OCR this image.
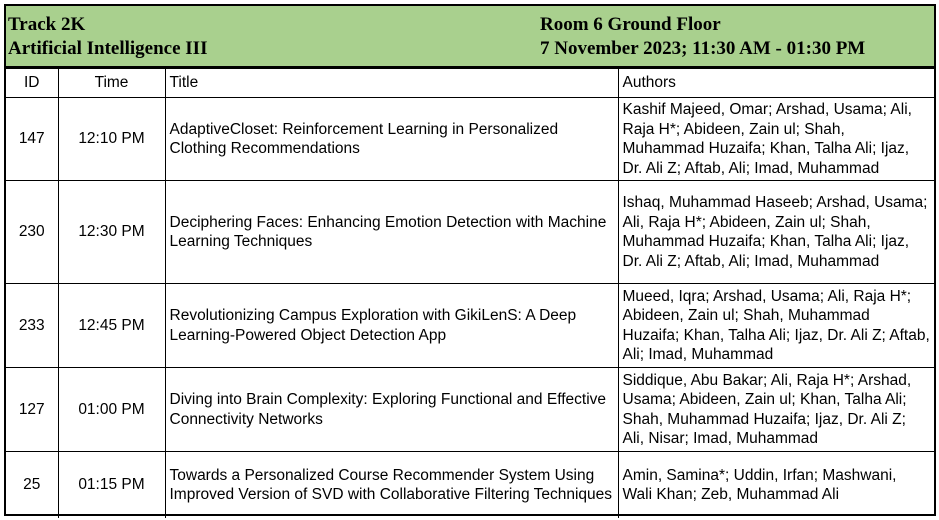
Track 2K
Artificial Intelligence III
Room 6 Ground Floor
7 November 2023; 11:30 AM - 01:30 PM
ID	Time	Title	Authors
147	12:10 PM	AdaptiveCloset: Reinforcement Learning in Personalized Clothing Recommendations	Kashif Majeed, Omar; Arshad, Usama; Ali, Raja H*; Abideen, Zain ul; Shah, Muhammad Huzaifa; Khan, Talha Ali; Ijaz, Dr. Ali Z; Aftab, Ali; Imad, Muhammad
230	12:30 PM	Deciphering Faces: Enhancing Emotion Detection with Machine Learning Techniques	Ishaq, Muhammad Haseeb; Arshad, Usama; Ali, Raja H*; Abideen, Zain ul; Shah, Muhammad Huzaifa; Khan, Talha Ali; Ijaz, Dr. Ali Z; Aftab, Ali; Imad, Muhammad
233	12:45 PM	Revolutionizing Campus Exploration with GikiLenS: A Deep Learning-Powered Object Detection App	Mueed, Iqra; Arshad, Usama; Ali, Raja H*; Abideen, Zain ul; Shah, Muhammad Huzaifa; Khan, Talha Ali; Ijaz, Dr. Ali Z; Aftab, Ali; Imad, Muhammad
127	01:00 PM	Diving into Brain Complexity: Exploring Functional and Effective Connectivity Networks	Siddique, Abu Bakar; Ali, Raja H*; Arshad, Usama; Abideen, Zain ul; Khan, Talha Ali; Shah, Muhammad Huzaifa; Ijaz, Dr. Ali Z; Ali, Nisar; Imad, Muhammad
25	01:15 PM	Towards a Personalized Course Recommender System Using Improved Version of SVD with Collaborative Filtering Techniques	Amin, Samina*; Uddin, Irfan; Mashwani, Wali Khan; Zeb, Muhammad Ali
